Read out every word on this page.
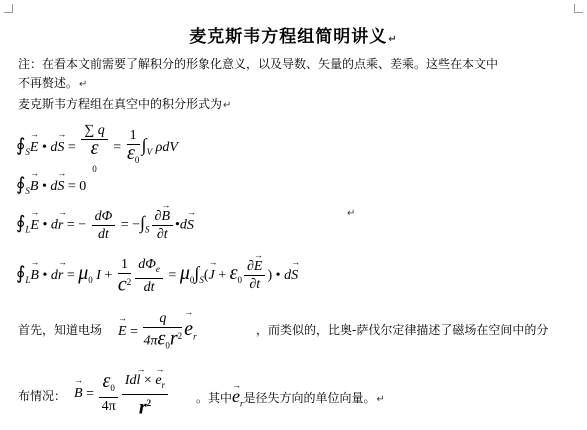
麦克斯韦方程组简明讲义↵
注：在看本文前需要了解积分的形象化意义，以及导数、矢量的点乘、差乘。这些在本文中
不再赘述。↵
麦克斯韦方程组在真空中的积分形式为↵
$∮_S\to E$ • d→ S =
∑ q
ε
$_0 = \frac{1}{\varepsilon_0} \int_V$ ρdV
$∮_S\to B$ • d→ S = 0
$∮_L\to E$ • d→ r = − $\frac{d\Phi}{dt} = -\int_S \frac{\partial\to B}{\partial t}$ •d→ S
↵
$∮_L\to B$ • $d\to r = \mu_0$ $I + \frac{1}{c^2} \frac{d\Phi_e}{dt} = \mu_0\int_S(\to J + \varepsilon_0 \frac{\partial\to E}{\partial t}$ ) • d→ S
首先，知道电场
→ $E = \frac{q}{4\pi\varepsilon_0r^2}$
→ $e_r$	，而类似的，比奥-萨伐尔定律描述了磁场在空间中的分
布情况：
→ $B = \frac{\varepsilon_0}{4\pi} \frac{Id\to l \times \to e_r}{r^2}$ 。其中→ $e_r$是径失方向的单位向量。↵
